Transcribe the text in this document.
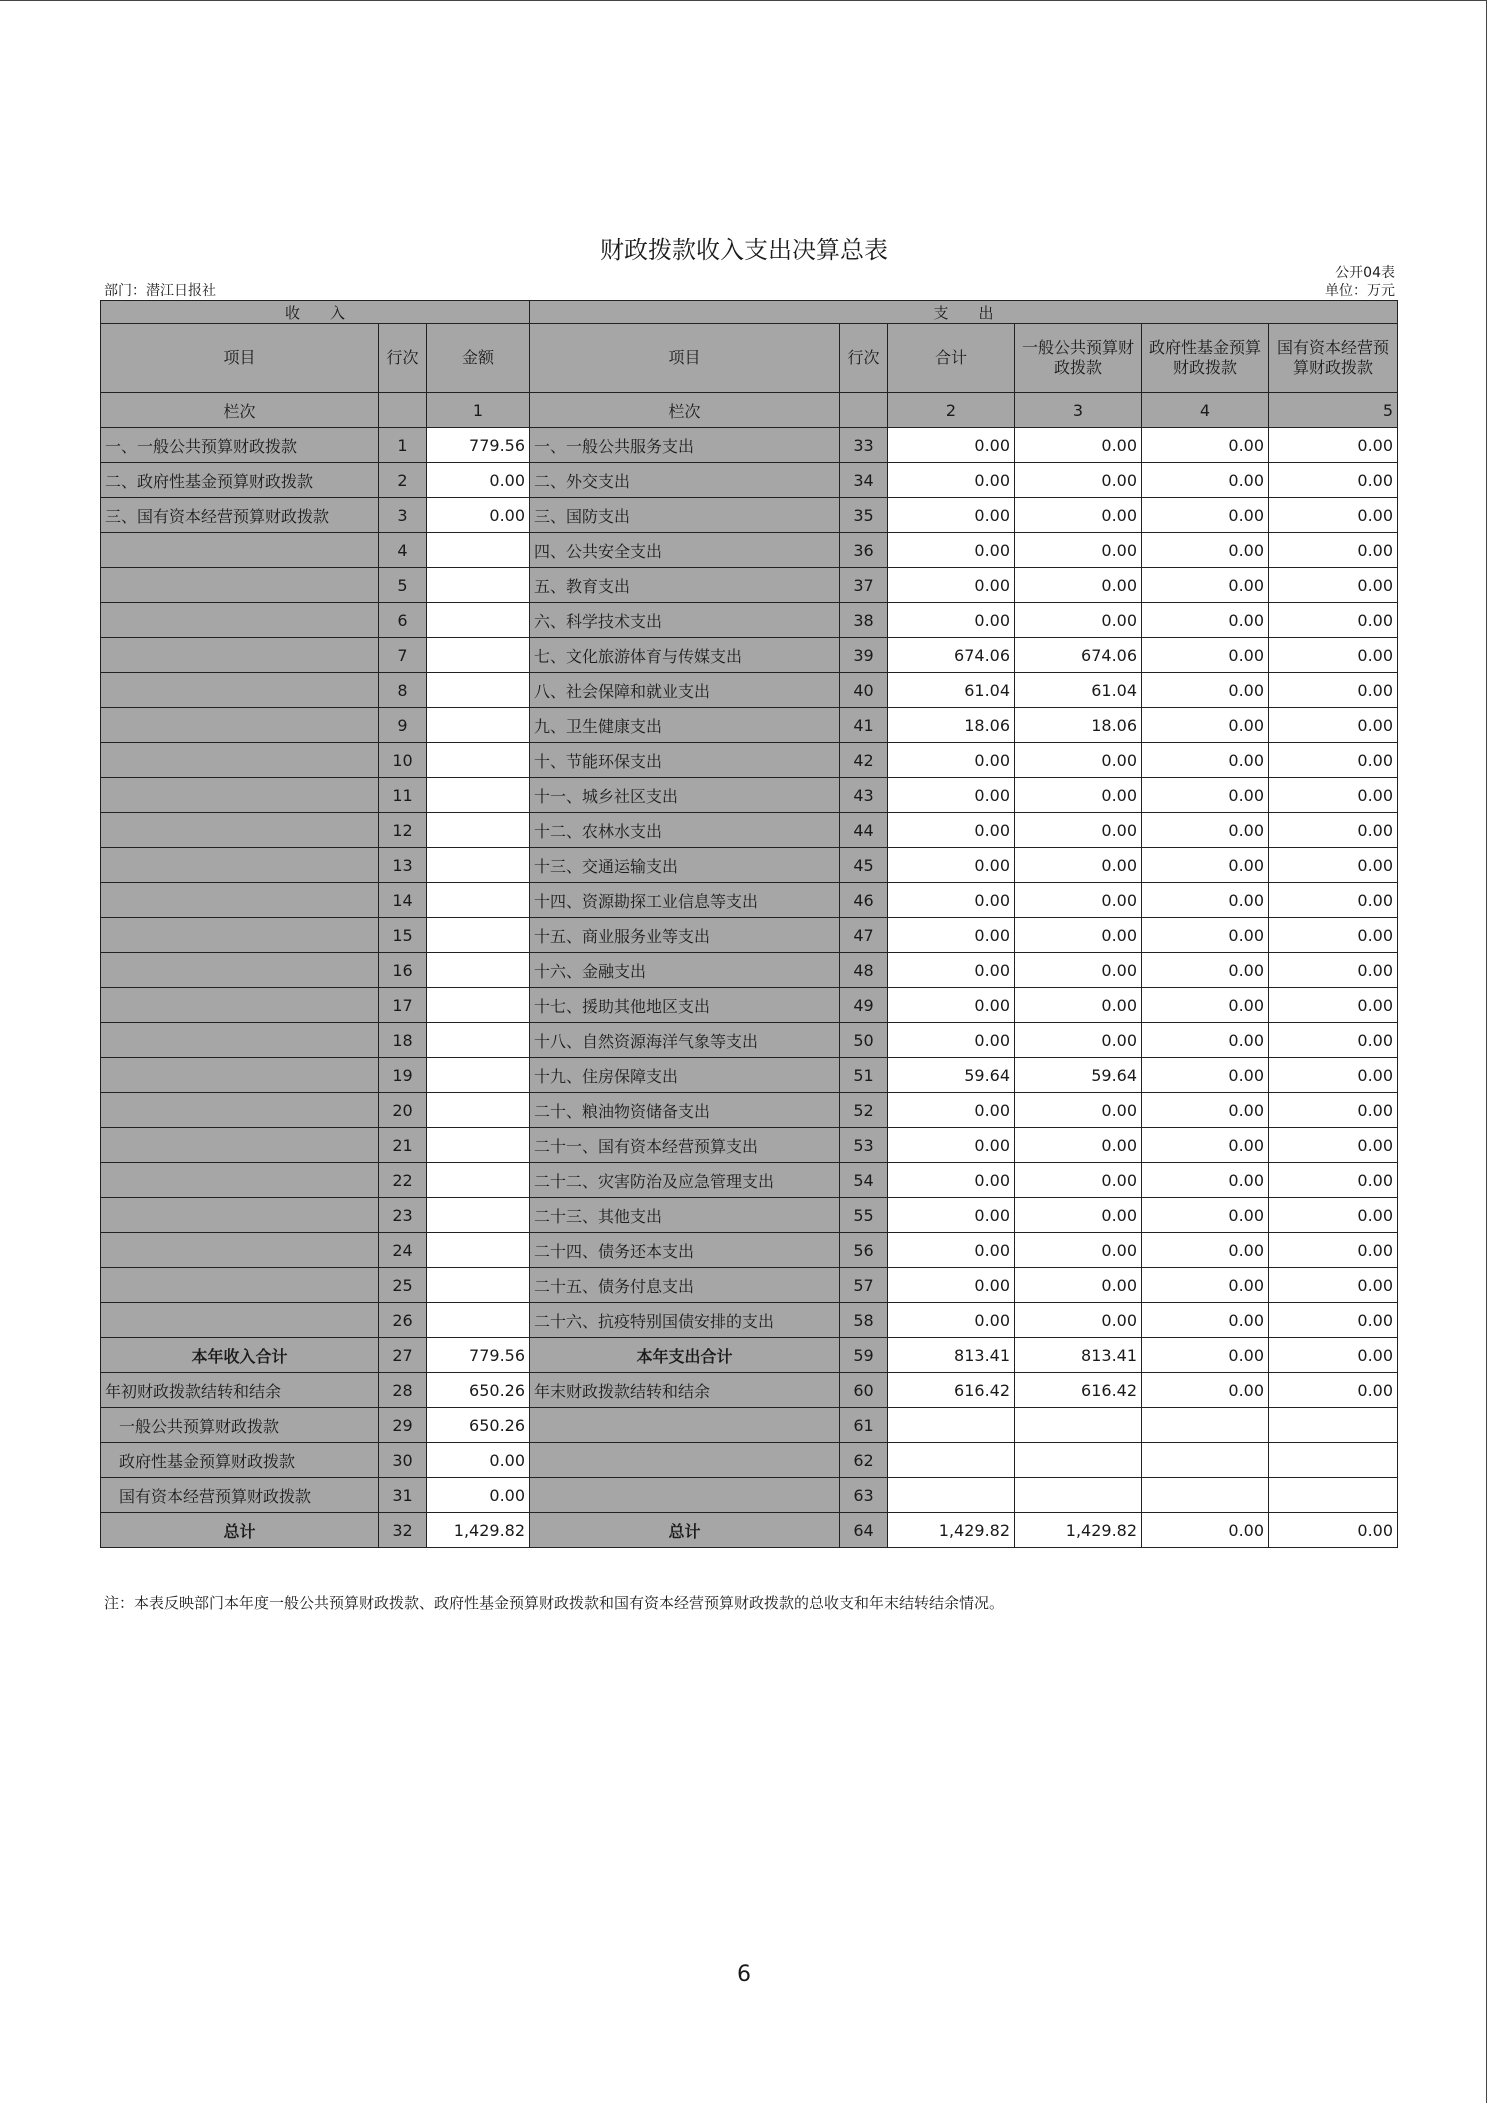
财政拨款收入支出决算总表
公开04表
部门：潜江日报社	单位：万元
收　　入			支　　出					
项目	行次	金额	项目	行次	合计	一般公共预算财政拨款	政府性基金预算财政拨款	国有资本经营预算财政拨款
栏次		1	栏次		2	3	4	5
一、一般公共预算财政拨款	1	779.56	一、一般公共服务支出	33	0.00	0.00	0.00	0.00
二、政府性基金预算财政拨款	2	0.00	二、外交支出	34	0.00	0.00	0.00	0.00
三、国有资本经营预算财政拨款	3	0.00	三、国防支出	35	0.00	0.00	0.00	0.00
	4		四、公共安全支出	36	0.00	0.00	0.00	0.00
	5		五、教育支出	37	0.00	0.00	0.00	0.00
	6		六、科学技术支出	38	0.00	0.00	0.00	0.00
	7		七、文化旅游体育与传媒支出	39	674.06	674.06	0.00	0.00
	8		八、社会保障和就业支出	40	61.04	61.04	0.00	0.00
	9		九、卫生健康支出	41	18.06	18.06	0.00	0.00
	10		十、节能环保支出	42	0.00	0.00	0.00	0.00
	11		十一、城乡社区支出	43	0.00	0.00	0.00	0.00
	12		十二、农林水支出	44	0.00	0.00	0.00	0.00
	13		十三、交通运输支出	45	0.00	0.00	0.00	0.00
	14		十四、资源勘探工业信息等支出	46	0.00	0.00	0.00	0.00
	15		十五、商业服务业等支出	47	0.00	0.00	0.00	0.00
	16		十六、金融支出	48	0.00	0.00	0.00	0.00
	17		十七、援助其他地区支出	49	0.00	0.00	0.00	0.00
	18		十八、自然资源海洋气象等支出	50	0.00	0.00	0.00	0.00
	19		十九、住房保障支出	51	59.64	59.64	0.00	0.00
	20		二十、粮油物资储备支出	52	0.00	0.00	0.00	0.00
	21		二十一、国有资本经营预算支出	53	0.00	0.00	0.00	0.00
	22		二十二、灾害防治及应急管理支出	54	0.00	0.00	0.00	0.00
	23		二十三、其他支出	55	0.00	0.00	0.00	0.00
	24		二十四、债务还本支出	56	0.00	0.00	0.00	0.00
	25		二十五、债务付息支出	57	0.00	0.00	0.00	0.00
	26		二十六、抗疫特别国债安排的支出	58	0.00	0.00	0.00	0.00
本年收入合计	27	779.56	本年支出合计	59	813.41	813.41	0.00	0.00
年初财政拨款结转和结余	28	650.26	年末财政拨款结转和结余	60	616.42	616.42	0.00	0.00
一般公共预算财政拨款	29	650.26		61				
政府性基金预算财政拨款	30	0.00		62				
国有资本经营预算财政拨款	31	0.00		63				
总计	32	1,429.82	总计	64	1,429.82	1,429.82	0.00	0.00
注：本表反映部门本年度一般公共预算财政拨款、政府性基金预算财政拨款和国有资本经营预算财政拨款的总收支和年末结转结余情况。
6
